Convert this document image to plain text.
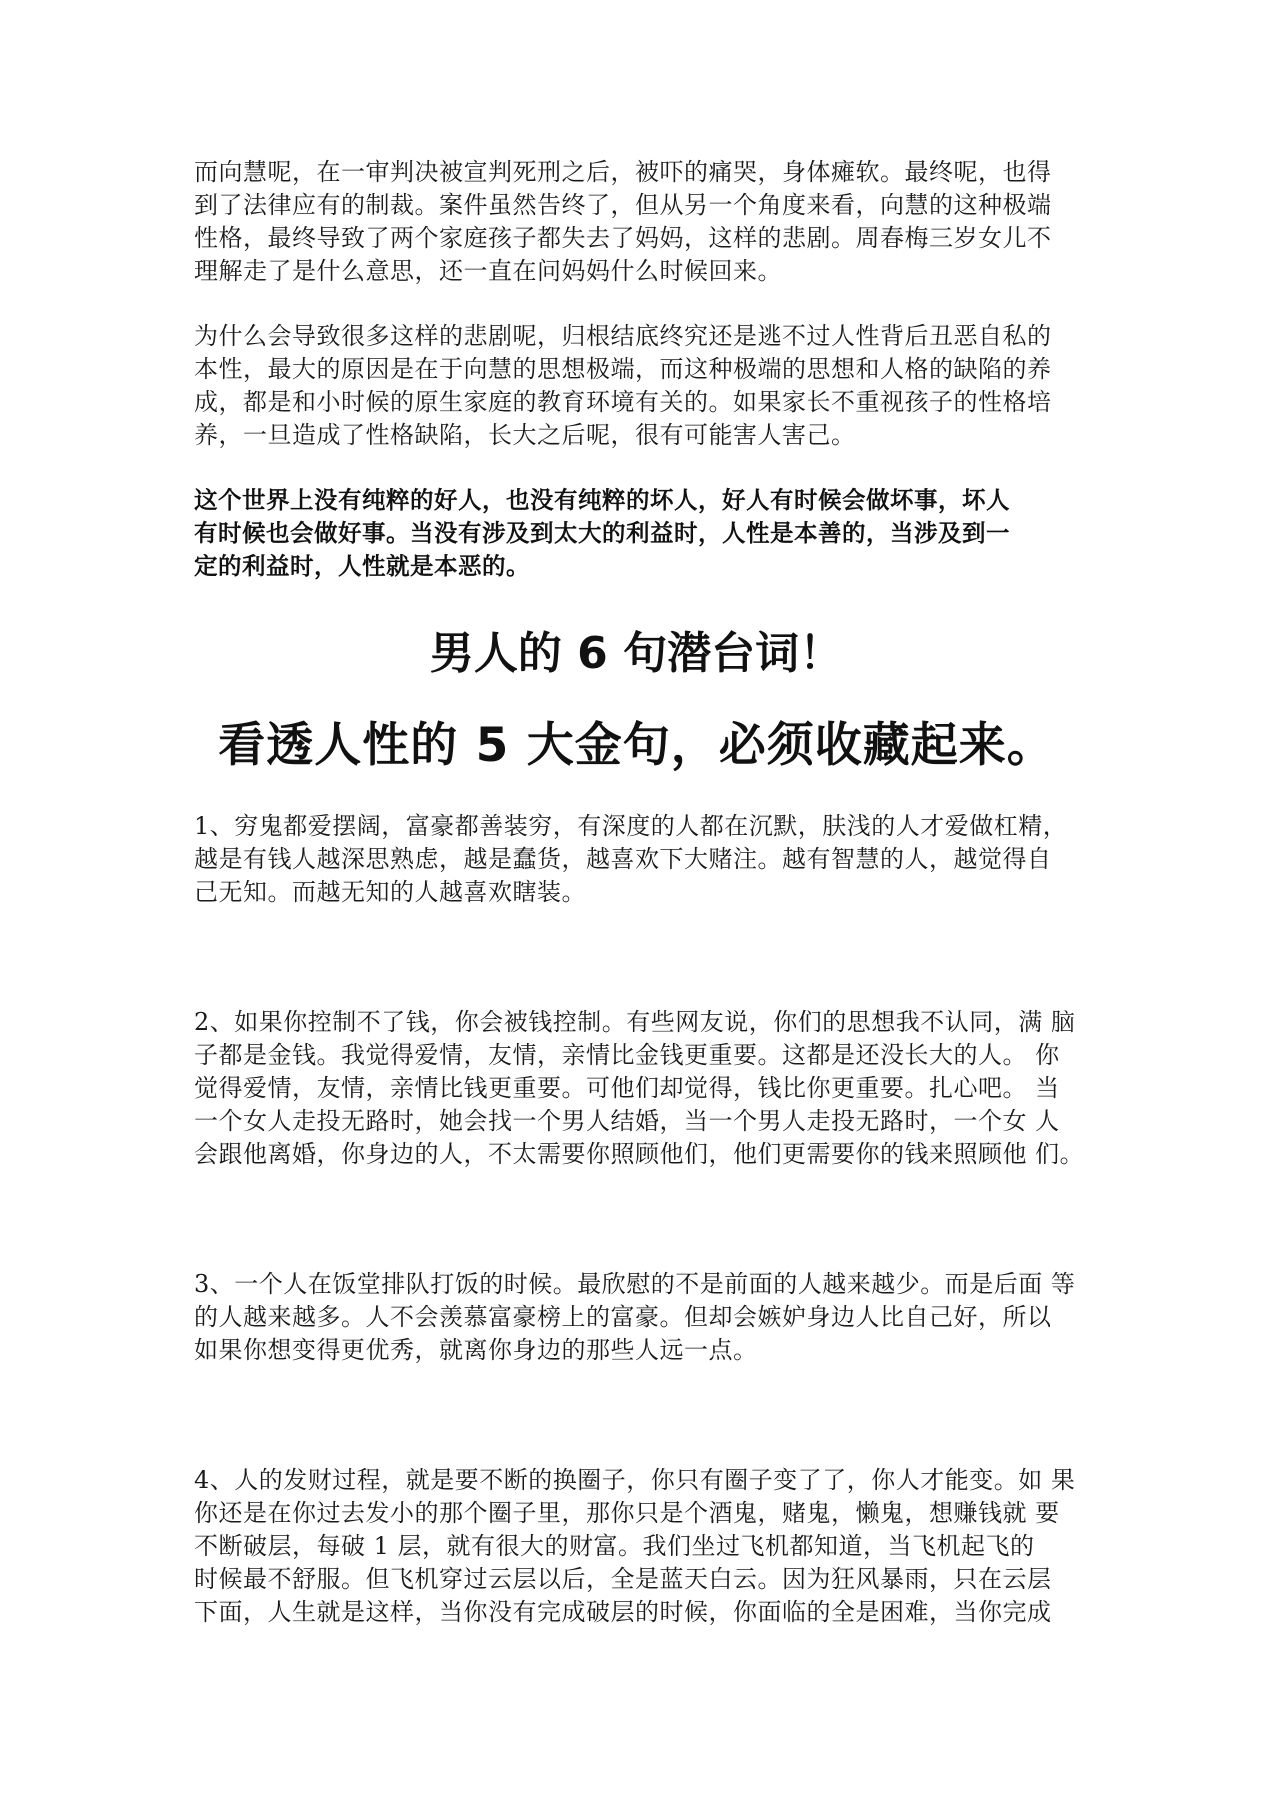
而向慧呢，在一审判决被宣判死刑之后，被吓的痛哭，身体瘫软。最终呢，也得
到了法律应有的制裁。案件虽然告终了，但从另一个角度来看，向慧的这种极端
性格，最终导致了两个家庭孩子都失去了妈妈，这样的悲剧。周春梅三岁女儿不
理解走了是什么意思，还一直在问妈妈什么时候回来。

为什么会导致很多这样的悲剧呢，归根结底终究还是逃不过人性背后丑恶自私的
本性，最大的原因是在于向慧的思想极端，而这种极端的思想和人格的缺陷的养
成，都是和小时候的原生家庭的教育环境有关的。如果家长不重视孩子的性格培
养，一旦造成了性格缺陷，长大之后呢，很有可能害人害己。

这个世界上没有纯粹的好人，也没有纯粹的坏人，好人有时候会做坏事，坏人
有时候也会做好事。当没有涉及到太大的利益时，人性是本善的，当涉及到一
定的利益时，人性就是本恶的。

男人的 6 句潜台词！
看透人性的 5 大金句，必须收藏起来。

1、穷鬼都爱摆阔，富豪都善装穷，有深度的人都在沉默，肤浅的人才爱做杠精，
越是有钱人越深思熟虑，越是蠢货，越喜欢下大赌注。越有智慧的人，越觉得自
己无知。而越无知的人越喜欢瞎装。

2、如果你控制不了钱，你会被钱控制。有些网友说，你们的思想我不认同，满 脑
子都是金钱。我觉得爱情，友情，亲情比金钱更重要。这都是还没长大的人。 你
觉得爱情，友情，亲情比钱更重要。可他们却觉得，钱比你更重要。扎心吧。 当
一个女人走投无路时，她会找一个男人结婚，当一个男人走投无路时，一个女 人
会跟他离婚，你身边的人，不太需要你照顾他们，他们更需要你的钱来照顾他 们。

3、一个人在饭堂排队打饭的时候。最欣慰的不是前面的人越来越少。而是后面 等
的人越来越多。人不会羡慕富豪榜上的富豪。但却会嫉妒身边人比自己好，所以
如果你想变得更优秀，就离你身边的那些人远一点。

4、人的发财过程，就是要不断的换圈子，你只有圈子变了了，你人才能变。如 果
你还是在你过去发小的那个圈子里，那你只是个酒鬼，赌鬼，懒鬼，想赚钱就 要
不断破层，每破 1 层，就有很大的财富。我们坐过飞机都知道，当飞机起飞的
时候最不舒服。但飞机穿过云层以后，全是蓝天白云。因为狂风暴雨，只在云层
下面，人生就是这样，当你没有完成破层的时候，你面临的全是困难，当你完成
